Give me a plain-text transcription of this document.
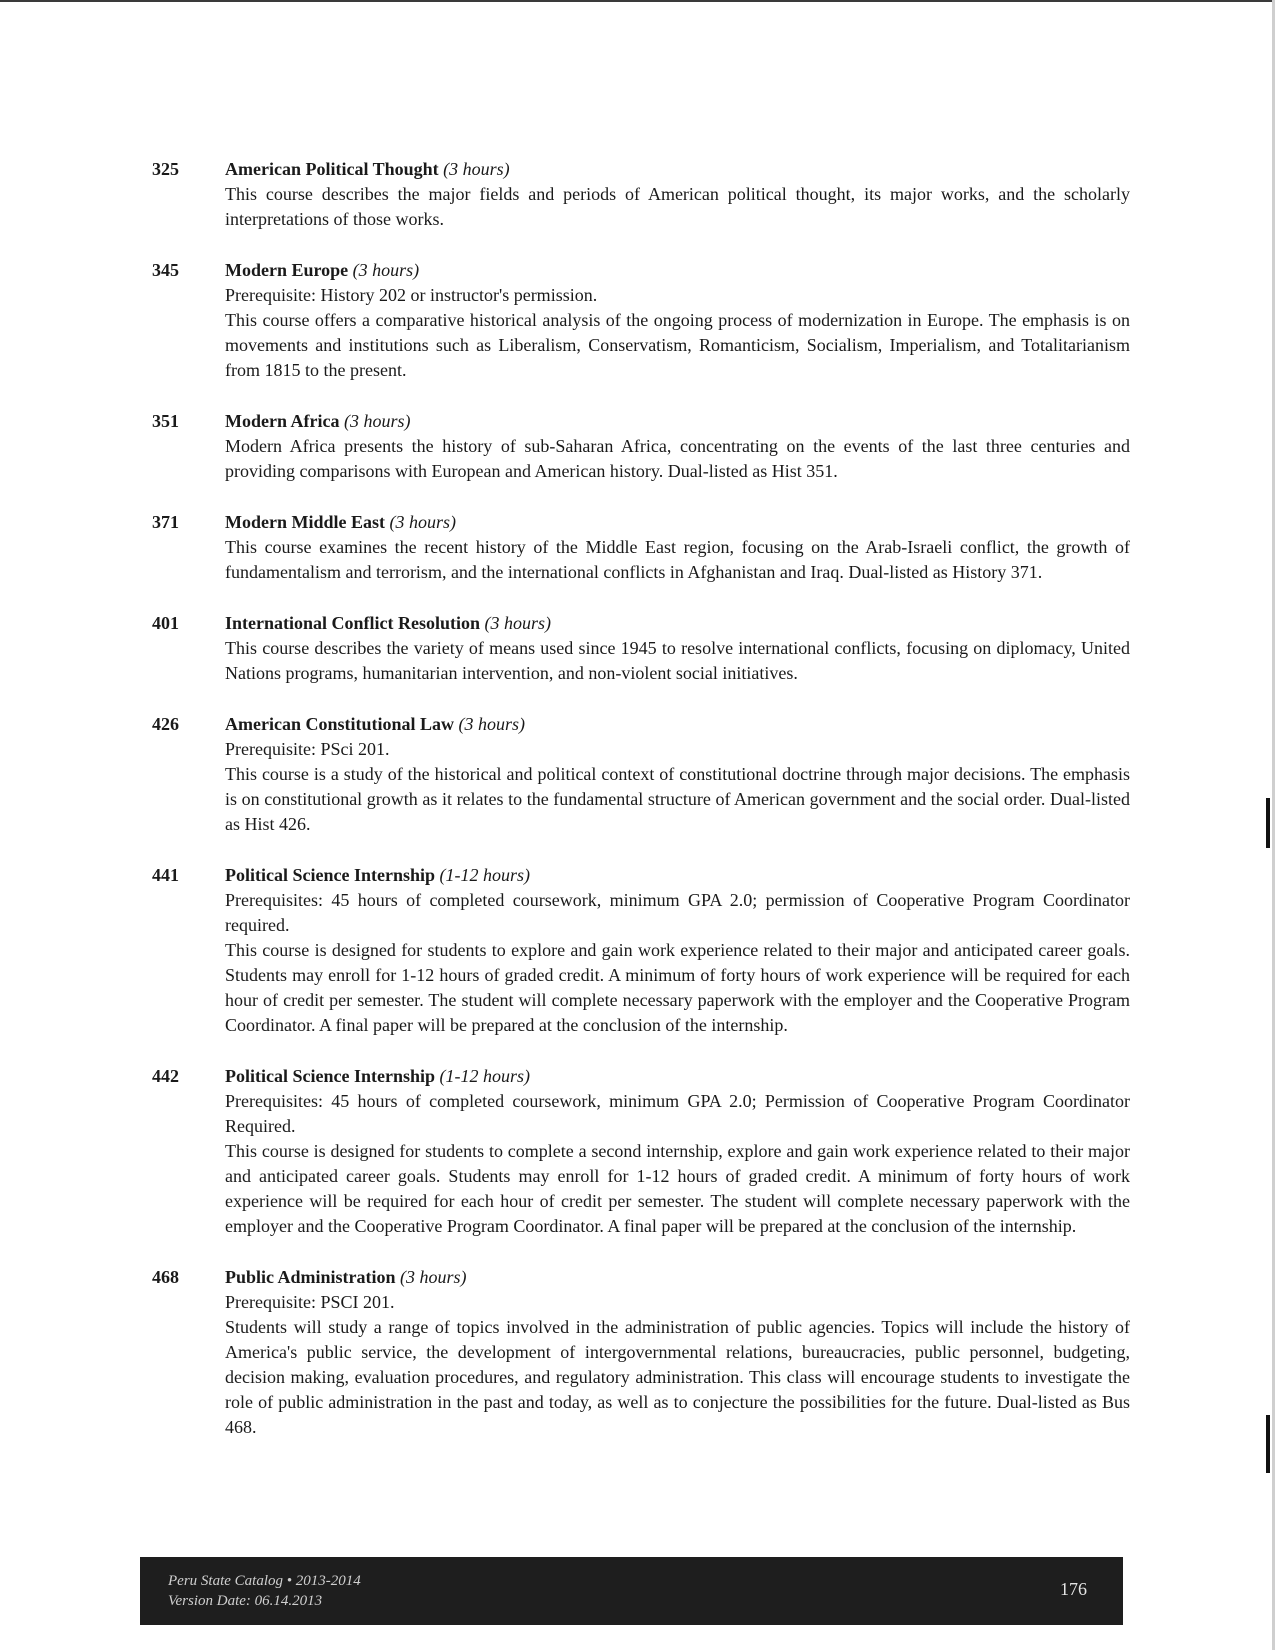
325	American Political Thought (3 hours)

This course describes the major fields and periods of American political thought, its major works, and the scholarly interpretations of those works.

345	Modern Europe (3 hours)

Prerequisite: History 202 or instructor's permission.

This course offers a comparative historical analysis of the ongoing process of modernization in Europe. The emphasis is on movements and institutions such as Liberalism, Conservatism, Romanticism, Socialism, Imperialism, and Totalitarianism from 1815 to the present.

351	Modern Africa (3 hours)

Modern Africa presents the history of sub-Saharan Africa, concentrating on the events of the last three centuries and providing comparisons with European and American history. Dual-listed as Hist 351.

371	Modern Middle East (3 hours)

This course examines the recent history of the Middle East region, focusing on the Arab-Israeli conflict, the growth of fundamentalism and terrorism, and the international conflicts in Afghanistan and Iraq. Dual-listed as History 371.

401	International Conflict Resolution (3 hours)

This course describes the variety of means used since 1945 to resolve international conflicts, focusing on diplomacy, United Nations programs, humanitarian intervention, and non-violent social initiatives.

426	American Constitutional Law (3 hours)

Prerequisite: PSci 201.

This course is a study of the historical and political context of constitutional doctrine through major decisions. The emphasis is on constitutional growth as it relates to the fundamental structure of American government and the social order. Dual-listed as Hist 426.

441	Political Science Internship (1-12 hours)

Prerequisites: 45 hours of completed coursework, minimum GPA 2.0; permission of Cooperative Program Coordinator required.

This course is designed for students to explore and gain work experience related to their major and anticipated career goals. Students may enroll for 1-12 hours of graded credit. A minimum of forty hours of work experience will be required for each hour of credit per semester. The student will complete necessary paperwork with the employer and the Cooperative Program Coordinator. A final paper will be prepared at the conclusion of the internship.

442	Political Science Internship (1-12 hours)

Prerequisites: 45 hours of completed coursework, minimum GPA 2.0; Permission of Cooperative Program Coordinator Required.

This course is designed for students to complete a second internship, explore and gain work experience related to their major and anticipated career goals. Students may enroll for 1-12 hours of graded credit. A minimum of forty hours of work experience will be required for each hour of credit per semester. The student will complete necessary paperwork with the employer and the Cooperative Program Coordinator. A final paper will be prepared at the conclusion of the internship.

468	Public Administration (3 hours)

Prerequisite: PSCI 201.

Students will study a range of topics involved in the administration of public agencies. Topics will include the history of America's public service, the development of intergovernmental relations, bureaucracies, public personnel, budgeting, decision making, evaluation procedures, and regulatory administration. This class will encourage students to investigate the role of public administration in the past and today, as well as to conjecture the possibilities for the future. Dual-listed as Bus 468.

Peru State Catalog • 2013-2014
Version Date: 06.14.2013
176
